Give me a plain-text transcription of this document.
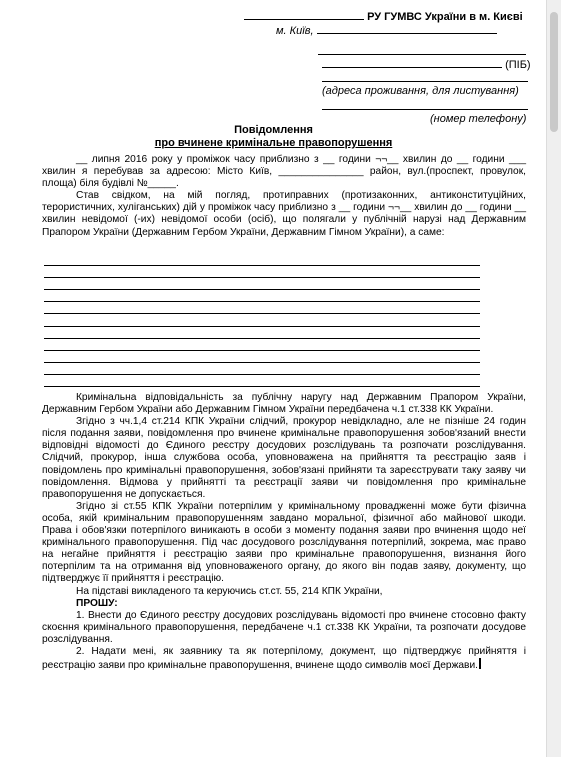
РУ ГУМВС України в м. Києві
м. Київ,
(ПІБ)
(адреса проживання, для листування)
(номер телефону)
Повідомлення
про вчинене кримінальне правопорушення

__ липня 2016 року у проміжок часу приблизно з __ години ¬¬__ хвилин до __ години ___ хвилин я перебував за адресою: Місто Київ, _______________ район, вул.(проспект, провулок, площа) біля будівлі №_____.

Став свідком, на мій погляд, протиправних (протизаконних, антиконституційних, терористичних, хуліганських) дій у проміжок часу приблизно з __ години ¬¬__ хвилин до __ години __ хвилин невідомої (-их) невідомої особи (осіб), що полягали у публічній нарузі над Державним Прапором України (Державним Гербом України, Державним Гімном України), а саме:

Кримінальна відповідальність за публічну наругу над Державним Прапором України, Державним Гербом України або Державним Гімном України передбачена ч.1 ст.338 КК України.

Згідно з чч.1,4 ст.214 КПК України слідчий, прокурор невідкладно, але не пізніше 24 годин після подання заяви, повідомлення про вчинене кримінальне правопорушення зобов'язаний внести відповідні відомості до Єдиного реєстру досудових розслідувань та розпочати розслідування. Слідчий, прокурор, інша службова особа, уповноважена на прийняття та реєстрацію заяв і повідомлень про кримінальні правопорушення, зобов'язані прийняти та зареєструвати таку заяву чи повідомлення. Відмова у прийнятті та реєстрації заяви чи повідомлення про кримінальне правопорушення не допускається.

Згідно зі ст.55 КПК України потерпілим у кримінальному провадженні може бути фізична особа, якій кримінальним правопорушенням завдано моральної, фізичної або майнової шкоди. Права і обов'язки потерпілого виникають в особи з моменту подання заяви про вчинення щодо неї кримінального правопорушення. Під час досудового розслідування потерпілий, зокрема, має право на негайне прийняття і реєстрацію заяви про кримінальне правопорушення, визнання його потерпілим та на отримання від уповноваженого органу, до якого він подав заяву, документу, що підтверджує її прийняття і реєстрацію.

На підставі викладеного та керуючись ст.ст. 55, 214 КПК України,

ПРОШУ:

1. Внести до Єдиного реєстру досудових розслідувань відомості про вчинене стосовно факту скоєння кримінального правопорушення, передбачене ч.1 ст.338 КК України, та розпочати досудове розслідування.

2. Надати мені, як заявнику та як потерпілому, документ, що підтверджує прийняття і реєстрацію заяви про кримінальне правопорушення, вчинене щодо символів моєї Держави.
